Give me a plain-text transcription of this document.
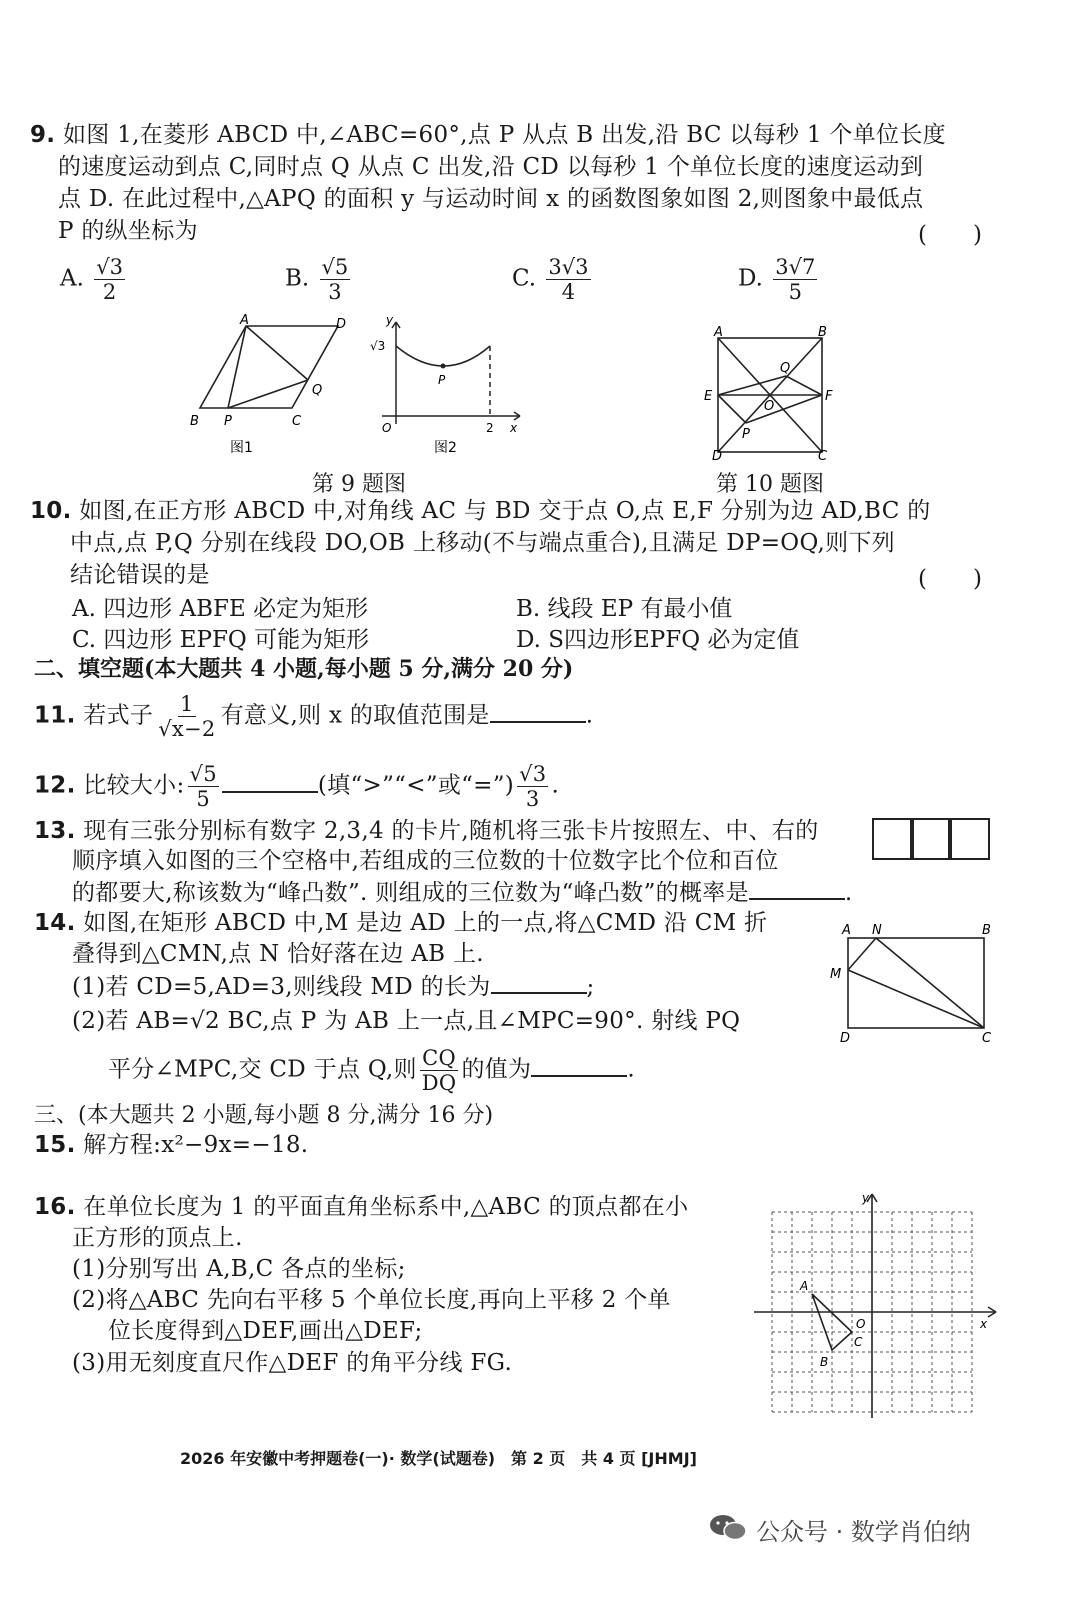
9. 如图 1,在菱形 ABCD 中,∠ABC=60°,点 P 从点 B 出发,沿 BC 以每秒 1 个单位长度
的速度运动到点 C,同时点 Q 从点 C 出发,沿 CD 以每秒 1 个单位长度的速度运动到
点 D. 在此过程中,△APQ 的面积 y 与运动时间 x 的函数图象如图 2,则图象中最低点
P 的纵坐标为	(　　)
A. $\frac{√3}{2}$	B. $\frac{√5}{3}$	C. $\frac{3√3}{4}$	D. $\frac{3√7}{5}$
A	D
B P	C
Q
图1
y
√3
P
O	2 x
图2
A	B
E	F
Q
O
P
D	C
第 9 题图	第 10 题图
10. 如图,在正方形 ABCD 中,对角线 AC 与 BD 交于点 O,点 E,F 分别为边 AD,BC 的
中点,点 P,Q 分别在线段 DO,OB 上移动(不与端点重合),且满足 DP=OQ,则下列
结论错误的是	(　　)
A. 四边形 ABFE 必定为矩形	B. 线段 EP 有最小值
C. 四边形 EPFQ 可能为矩形	D. S四边形EPFQ 必为定值
二、填空题(本大题共 4 小题,每小题 5 分,满分 20 分)
11. 若式子 $\frac{1}{√x-2}$ 有意义,则 x 的取值范围是	.
12. 比较大小: $\frac{√5}{5}$	(填“>”“<”或“=”) $\frac{√3}{3}$ .
13. 现有三张分别标有数字 2,3,4 的卡片,随机将三张卡片按照左、中、右的
顺序填入如图的三个空格中,若组成的三位数的十位数字比个位和百位
的都要大,称该数为“峰凸数”. 则组成的三位数为“峰凸数”的概率是	.
14. 如图,在矩形 ABCD 中,M 是边 AD 上的一点,将△CMD 沿 CM 折
叠得到△CMN,点 N 恰好落在边 AB 上.
(1)若 CD=5,AD=3,则线段 MD 的长为	;
(2)若 AB=√2 BC,点 P 为 AB 上一点,且∠MPC=90°. 射线 PQ
平分∠MPC,交 CD 于点 Q,则 $\frac{CQ}{DQ}$ 的值为	.
A N	B
M
D	C
三、(本大题共 2 小题,每小题 8 分,满分 16 分)
15. 解方程:x²−9x=−18.
16. 在单位长度为 1 的平面直角坐标系中,△ABC 的顶点都在小
正方形的顶点上.
(1)分别写出 A,B,C 各点的坐标;
(2)将△ABC 先向右平移 5 个单位长度,再向上平移 2 个单
位长度得到△DEF,画出△DEF;
(3)用无刻度直尺作△DEF 的角平分线 FG.
y
x
A
B
C
O
2026 年安徽中考押题卷(一)· 数学(试题卷)　第 2 页　共 4 页 [JHMJ]
公众号 · 数学肖伯纳
